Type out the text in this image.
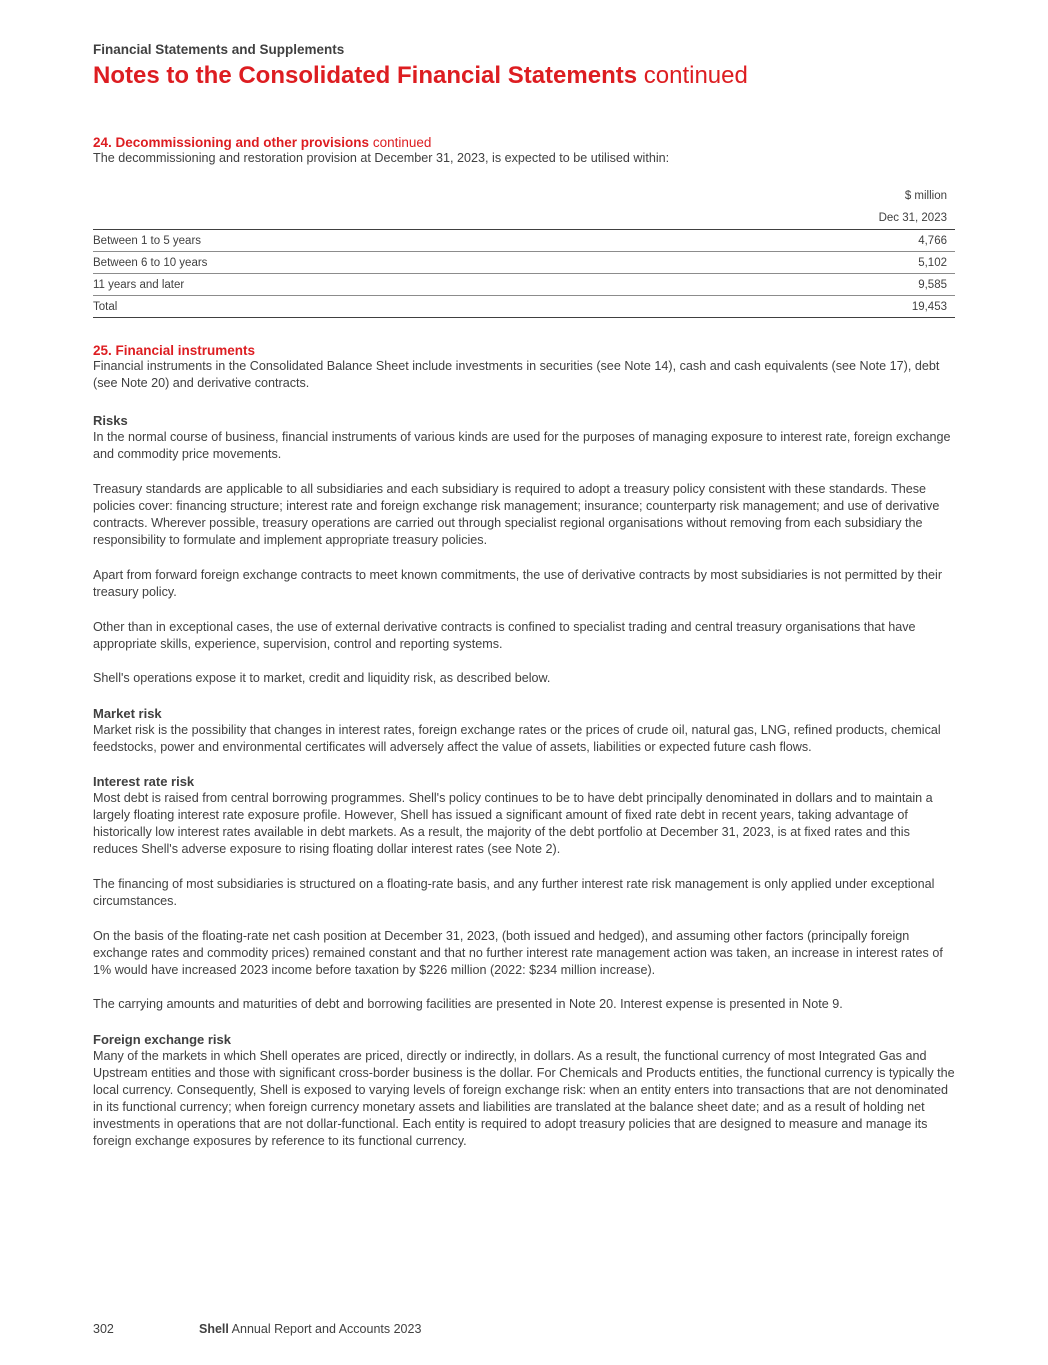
Financial Statements and Supplements
Notes to the Consolidated Financial Statements continued
24. Decommissioning and other provisions continued

The decommissioning and restoration provision at December 31, 2023, is expected to be utilised within:

	$ million
	Dec 31, 2023
Between 1 to 5 years	4,766
Between 6 to 10 years	5,102
11 years and later	9,585
Total	19,453
25. Financial instruments

Financial instruments in the Consolidated Balance Sheet include investments in securities (see Note 14), cash and cash equivalents (see Note 17), debt (see Note 20) and derivative contracts.

Risks

In the normal course of business, financial instruments of various kinds are used for the purposes of managing exposure to interest rate, foreign exchange and commodity price movements.

Treasury standards are applicable to all subsidiaries and each subsidiary is required to adopt a treasury policy consistent with these standards. These policies cover: financing structure; interest rate and foreign exchange risk management; insurance; counterparty risk management; and use of derivative contracts. Wherever possible, treasury operations are carried out through specialist regional organisations without removing from each subsidiary the responsibility to formulate and implement appropriate treasury policies.

Apart from forward foreign exchange contracts to meet known commitments, the use of derivative contracts by most subsidiaries is not permitted by their treasury policy.

Other than in exceptional cases, the use of external derivative contracts is confined to specialist trading and central treasury organisations that have appropriate skills, experience, supervision, control and reporting systems.

Shell's operations expose it to market, credit and liquidity risk, as described below.

Market risk

Market risk is the possibility that changes in interest rates, foreign exchange rates or the prices of crude oil, natural gas, LNG, refined products, chemical feedstocks, power and environmental certificates will adversely affect the value of assets, liabilities or expected future cash flows.

Interest rate risk

Most debt is raised from central borrowing programmes. Shell's policy continues to be to have debt principally denominated in dollars and to maintain a largely floating interest rate exposure profile. However, Shell has issued a significant amount of fixed rate debt in recent years, taking advantage of historically low interest rates available in debt markets. As a result, the majority of the debt portfolio at December 31, 2023, is at fixed rates and this reduces Shell's adverse exposure to rising floating dollar interest rates (see Note 2).

The financing of most subsidiaries is structured on a floating-rate basis, and any further interest rate risk management is only applied under exceptional circumstances.

On the basis of the floating-rate net cash position at December 31, 2023, (both issued and hedged), and assuming other factors (principally foreign exchange rates and commodity prices) remained constant and that no further interest rate management action was taken, an increase in interest rates of 1% would have increased 2023 income before taxation by $226 million (2022: $234 million increase).

The carrying amounts and maturities of debt and borrowing facilities are presented in Note 20. Interest expense is presented in Note 9.

Foreign exchange risk

Many of the markets in which Shell operates are priced, directly or indirectly, in dollars. As a result, the functional currency of most Integrated Gas and Upstream entities and those with significant cross-border business is the dollar. For Chemicals and Products entities, the functional currency is typically the local currency. Consequently, Shell is exposed to varying levels of foreign exchange risk: when an entity enters into transactions that are not denominated in its functional currency; when foreign currency monetary assets and liabilities are translated at the balance sheet date; and as a result of holding net investments in operations that are not dollar-functional. Each entity is required to adopt treasury policies that are designed to measure and manage its foreign exchange exposures by reference to its functional currency.

302	Shell Annual Report and Accounts 2023
